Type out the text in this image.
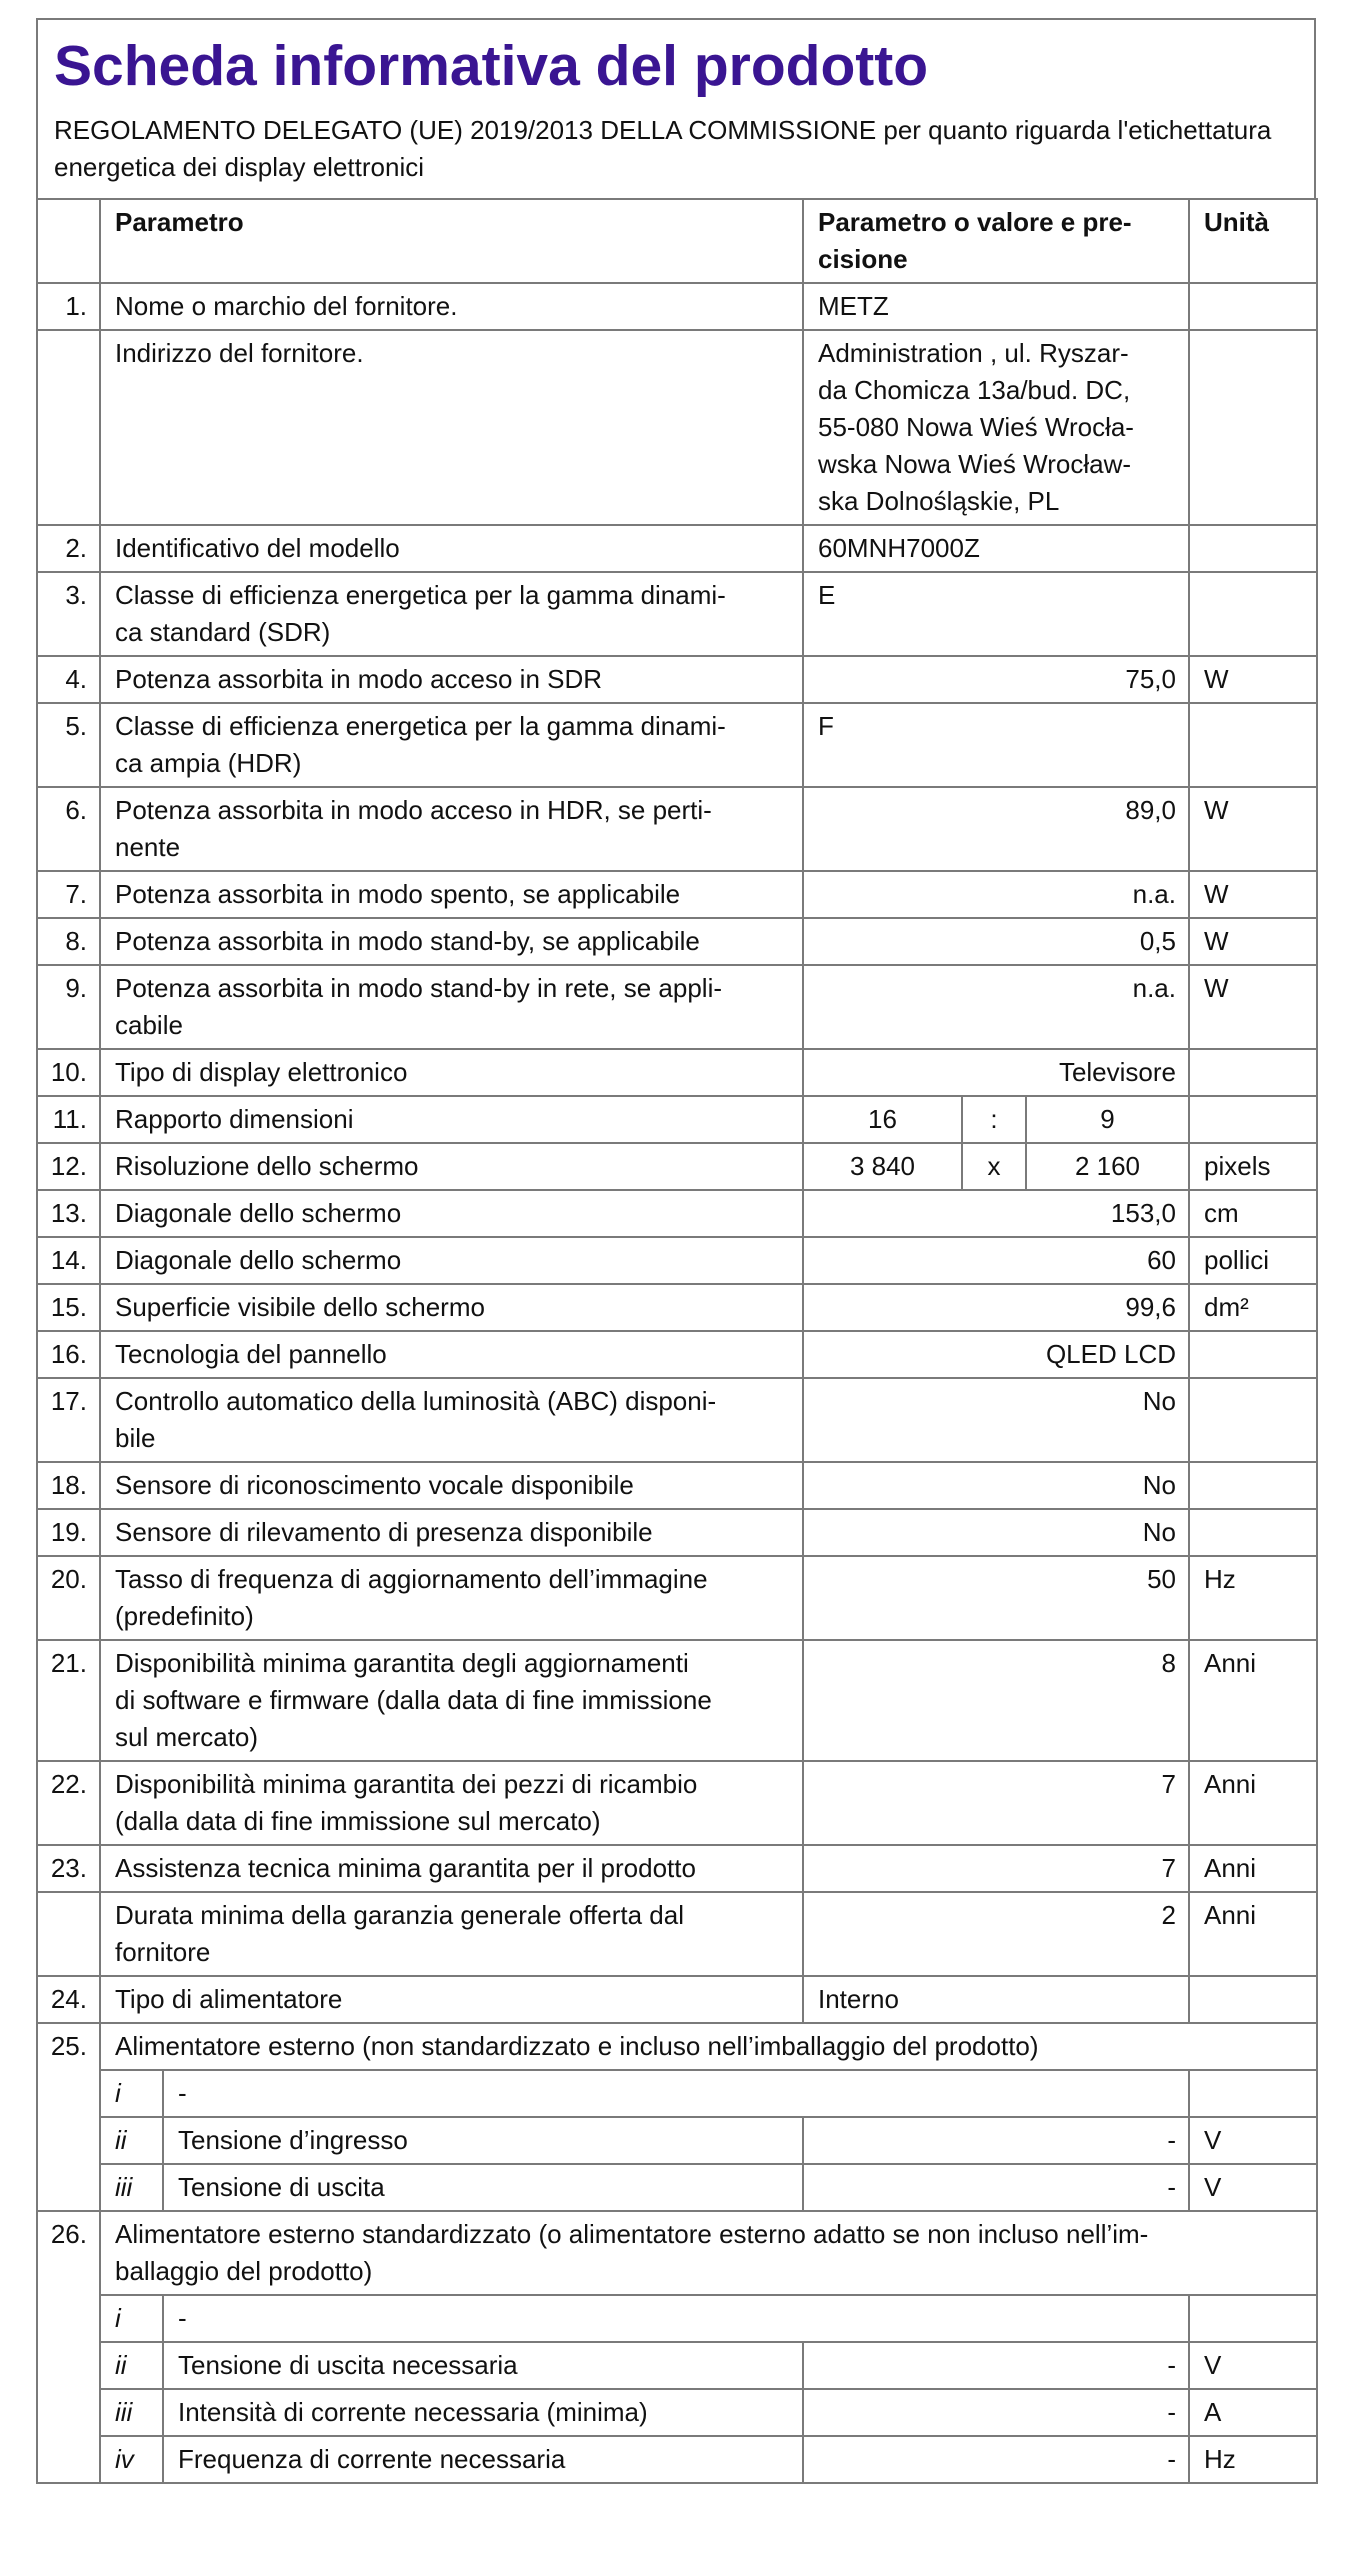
Scheda informativa del prodotto

REGOLAMENTO DELEGATO (UE) 2019/2013 DELLA COMMISSIONE per quanto riguarda l'etichettatura energetica dei display elettronici

	Parametro		Parametro o valore e pre-
cisione			Unità
1.	Nome o marchio del fornitore.		METZ			
	Indirizzo del fornitore.		Administration , ul. Ryszar-
da Chomicza 13a/bud. DC,
55-080 Nowa Wieś Wrocła-
wska Nowa Wieś Wrocław-
ska Dolnośląskie, PL			
2.	Identificativo del modello		60MNH7000Z			
3.	Classe di efficienza energetica per la gamma dinami-
ca standard (SDR)		E			
4.	Potenza assorbita in modo acceso in SDR		75,0			W
5.	Classe di efficienza energetica per la gamma dinami-
ca ampia (HDR)		F			
6.	Potenza assorbita in modo acceso in HDR, se perti-
nente		89,0			W
7.	Potenza assorbita in modo spento, se applicabile		n.a.			W
8.	Potenza assorbita in modo stand-by, se applicabile		0,5			W
9.	Potenza assorbita in modo stand-by in rete, se appli-
cabile		n.a.			W
10.	Tipo di display elettronico		Televisore			
11.	Rapporto dimensioni		16	:	9	
12.	Risoluzione dello schermo		3 840	x	2 160	pixels
13.	Diagonale dello schermo		153,0			cm
14.	Diagonale dello schermo		60			pollici
15.	Superficie visibile dello schermo		99,6			dm²
16.	Tecnologia del pannello		QLED LCD			
17.	Controllo automatico della luminosità (ABC) disponi-
bile		No			
18.	Sensore di riconoscimento vocale disponibile		No			
19.	Sensore di rilevamento di presenza disponibile		No			
20.	Tasso di frequenza di aggiornamento dell’immagine
(predefinito)		50			Hz
21.	Disponibilità minima garantita degli aggiornamenti
di software e firmware (dalla data di fine immissione
sul mercato)		8			Anni
22.	Disponibilità minima garantita dei pezzi di ricambio
(dalla data di fine immissione sul mercato)		7			Anni
23.	Assistenza tecnica minima garantita per il prodotto		7			Anni
	Durata minima della garanzia generale offerta dal
fornitore		2			Anni
24.	Tipo di alimentatore		Interno			
25.	Alimentatore esterno (non standardizzato e incluso nell’imballaggio del prodotto)					
	i	-				
	ii	Tensione d’ingresso	-			V
	iii	Tensione di uscita	-			V
26.	Alimentatore esterno standardizzato (o alimentatore esterno adatto se non incluso nell’im-
ballaggio del prodotto)					
	i	-				
	ii	Tensione di uscita necessaria	-			V
	iii	Intensità di corrente necessaria (minima)	-			A
	iv	Frequenza di corrente necessaria	-			Hz
